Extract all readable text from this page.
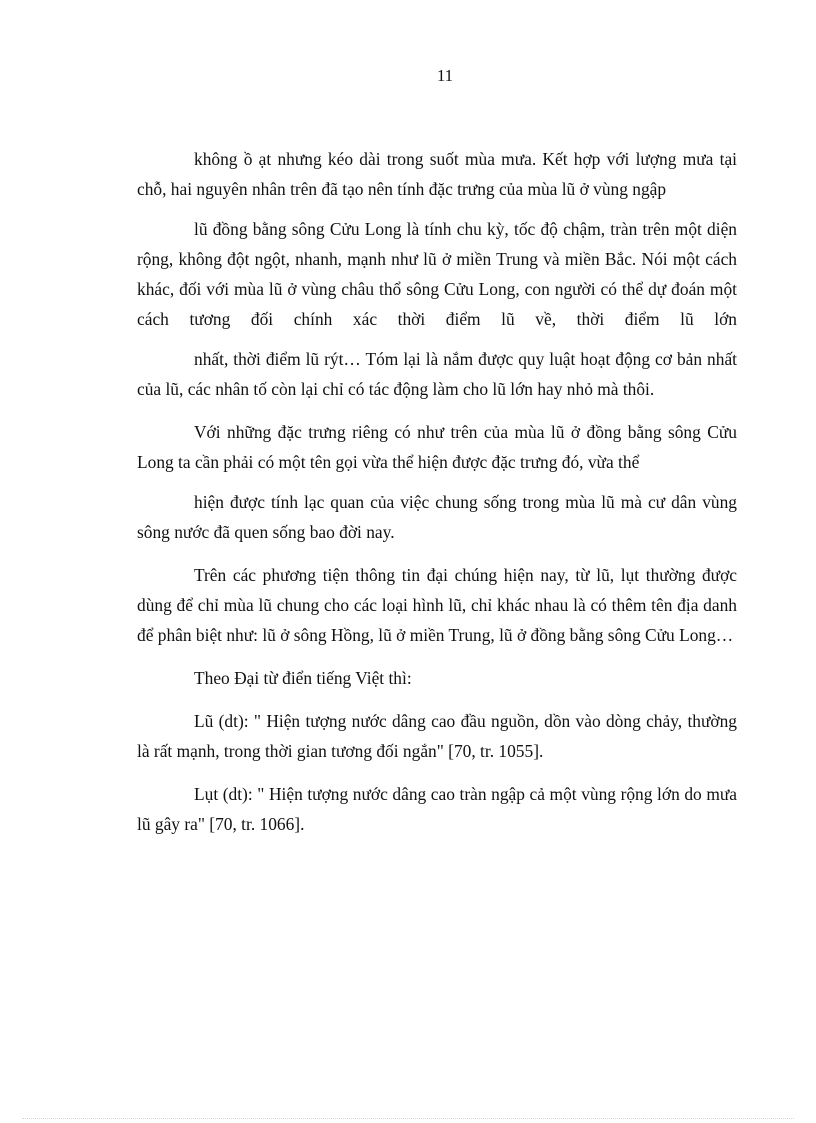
11

không ồ ạt nhưng kéo dài trong suốt mùa mưa. Kết hợp với lượng mưa tại chỗ, hai nguyên nhân trên đã tạo nên tính đặc trưng của mùa lũ ở vùng ngập

lũ đồng bằng sông Cửu Long là tính chu kỳ, tốc độ chậm, tràn trên một diện rộng, không đột ngột, nhanh, mạnh như lũ ở miền Trung và miền Bắc. Nói một cách khác, đối với mùa lũ ở vùng châu thổ sông Cửu Long, con người có thể dự đoán một cách tương đối chính xác thời điểm lũ về, thời điểm lũ lớn

nhất, thời điểm lũ rýt… Tóm lại là nắm được quy luật hoạt động cơ bản nhất của lũ, các nhân tố còn lại chỉ có tác động làm cho lũ lớn hay nhỏ mà thôi.

Với những đặc trưng riêng có như trên của mùa lũ ở đồng bằng sông Cửu Long ta cần phải có một tên gọi vừa thể hiện được đặc trưng đó, vừa thể

hiện được tính lạc quan của việc chung sống trong mùa lũ mà cư dân vùng sông nước đã quen sống bao đời nay.

Trên các phương tiện thông tin đại chúng hiện nay, từ lũ, lụt thường được dùng để chỉ mùa lũ chung cho các loại hình lũ, chỉ khác nhau là có thêm tên địa danh để phân biệt như: lũ ở sông Hồng, lũ ở miền Trung, lũ ở đồng bằng sông Cửu Long…

Theo Đại từ điển tiếng Việt thì:

Lũ (dt): " Hiện tượng nước dâng cao đầu nguồn, dồn vào dòng chảy, thường là rất mạnh, trong thời gian tương đối ngắn" [70, tr. 1055].

Lụt (dt): " Hiện tượng nước dâng cao tràn ngập cả một vùng rộng lớn do mưa lũ gây ra" [70, tr. 1066].
